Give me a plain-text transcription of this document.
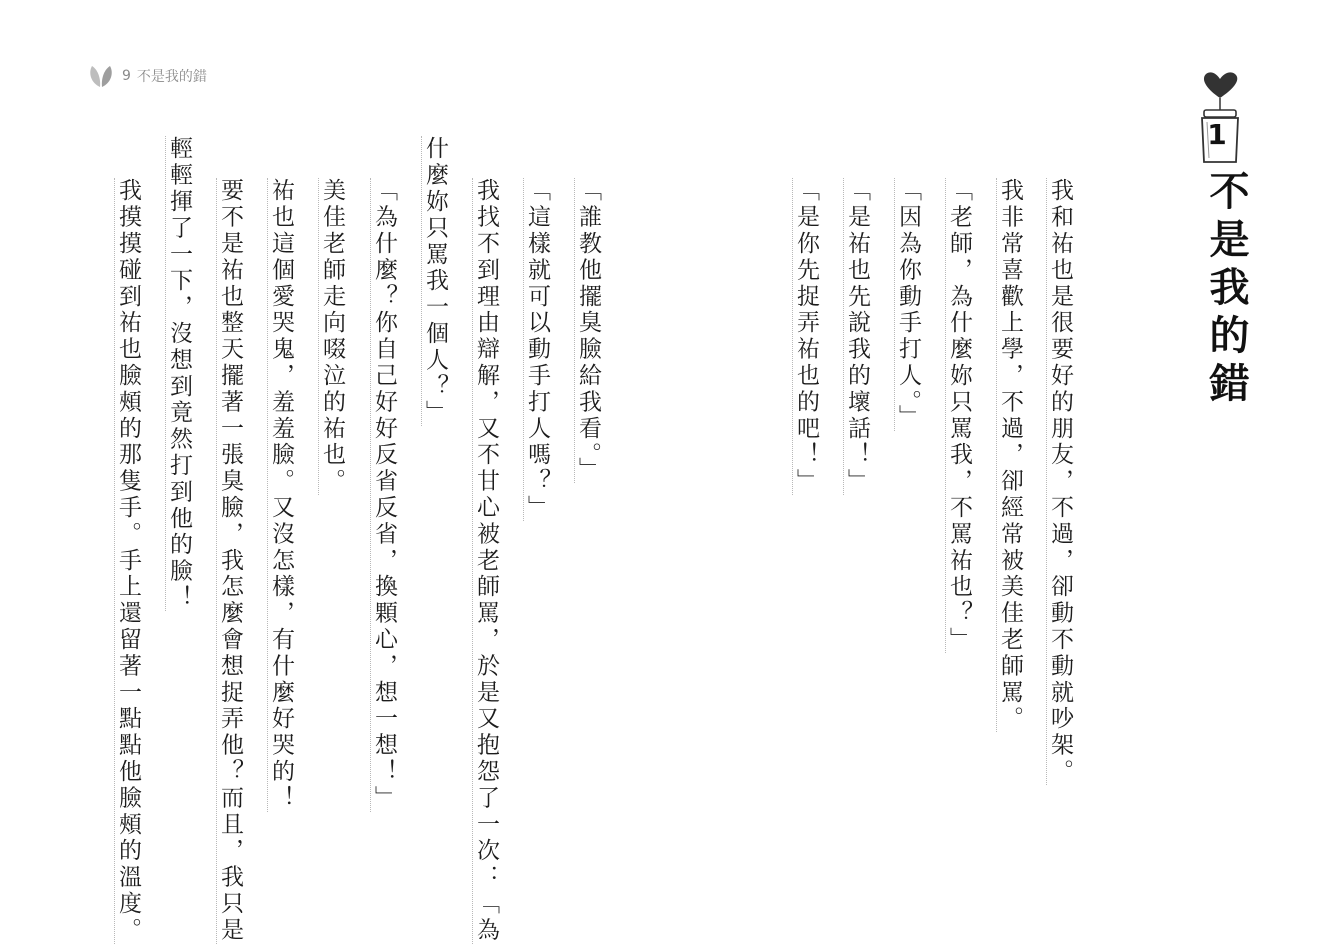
9 不是我的錯
1
不是我的錯
我和祐也是很要好的朋友，不過，卻動不動就吵架。
我非常喜歡上學，不過，卻經常被美佳老師罵。
「老師，為什麼妳只罵我，不罵祐也？」
「因為你動手打人。」
「是祐也先說我的壞話！」
「是你先捉弄祐也的吧！」
「誰教他擺臭臉給我看。」
「這樣就可以動手打人嗎？」
我找不到理由辯解，又不甘心被老師罵，於是又抱怨了一次：「為
什麼妳只罵我一個人？」
「為什麼？你自己好好反省反省，換顆心，想一想！」
美佳老師走向啜泣的祐也。
祐也這個愛哭鬼，羞羞臉。又沒怎樣，有什麼好哭的！
要不是祐也整天擺著一張臭臉，我怎麼會想捉弄他？而且，我只是
輕輕揮了一下，沒想到竟然打到他的臉！
我摸摸碰到祐也臉頰的那隻手。手上還留著一點點他臉頰的溫度。
